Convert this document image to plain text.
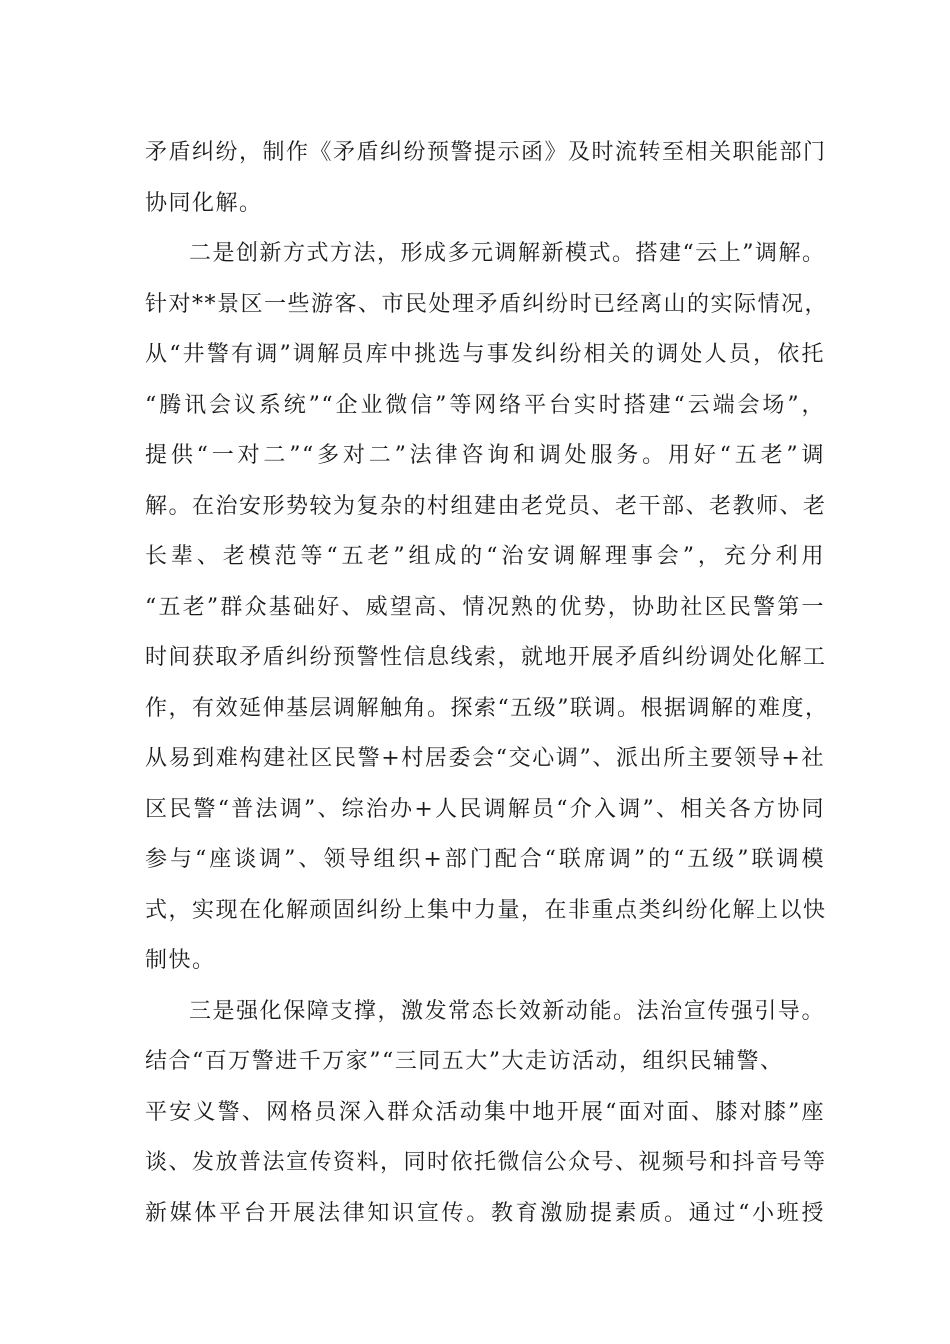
矛盾纠纷，制作《矛盾纠纷预警提示函》及时流转至相关职能部门
协同化解。
二是创新方式方法，形成多元调解新模式。搭建“云上”调解。
针对**景区一些游客、市民处理矛盾纠纷时已经离山的实际情况，
从“井警有调”调解员库中挑选与事发纠纷相关的调处人员，依托
“腾讯会议系统”“企业微信”等网络平台实时搭建“云端会场”，
提供“一对二”“多对二”法律咨询和调处服务。用好“五老”调
解。在治安形势较为复杂的村组建由老党员、老干部、老教师、老
长辈、老模范等“五老”组成的“治安调解理事会”，充分利用
“五老”群众基础好、威望高、情况熟的优势，协助社区民警第一
时间获取矛盾纠纷预警性信息线索，就地开展矛盾纠纷调处化解工
作，有效延伸基层调解触角。探索“五级”联调。根据调解的难度，
从易到难构建社区民警+村居委会“交心调”、派出所主要领导+社
区民警“普法调”、综治办+人民调解员“介入调”、相关各方协同
参与“座谈调”、领导组织+部门配合“联席调”的“五级”联调模
式，实现在化解顽固纠纷上集中力量，在非重点类纠纷化解上以快
制快。
三是强化保障支撑，激发常态长效新动能。法治宣传强引导。
结合“百万警进千万家”“三同五大”大走访活动，组织民辅警、
平安义警、网格员深入群众活动集中地开展“面对面、膝对膝”座
谈、发放普法宣传资料，同时依托微信公众号、视频号和抖音号等
新媒体平台开展法律知识宣传。教育激励提素质。通过“小班授
